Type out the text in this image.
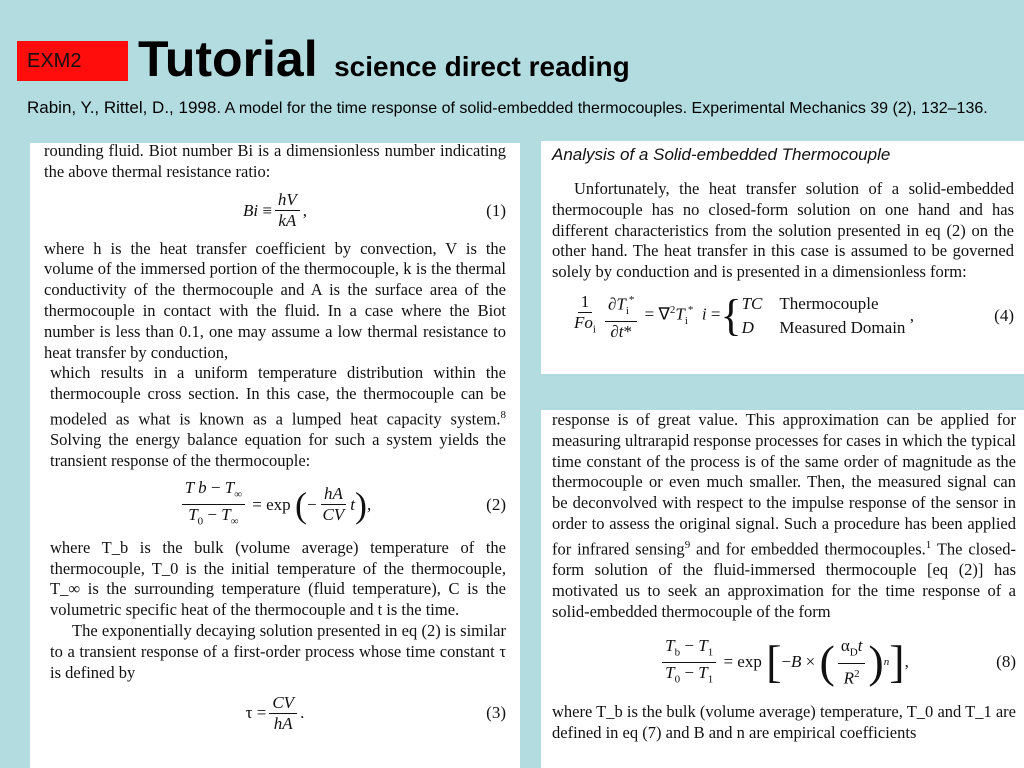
EXM2	Tutorial science direct reading
Rabin, Y., Rittel, D., 1998. A model for the time response of solid-embedded thermocouples. Experimental Mechanics 39 (2), 132–136.

rounding fluid. Biot number Bi is a dimensionless number indicating the above thermal resistance ratio:

$Bi \equiv \frac{hV}{kA}$ ,	(1)

where h is the heat transfer coefficient by convection, V is the volume of the immersed portion of the thermocouple, k is the thermal conductivity of the thermocouple and A is the surface area of the thermocouple in contact with the fluid. In a case where the Biot number is less than 0.1, one may assume a low thermal resistance to heat transfer by conduction,

which results in a uniform temperature distribution within the thermocouple cross section. In this case, the thermocouple can be modeled as what is known as a lumped heat capacity system.$^8$ Solving the energy balance equation for such a system yields the transient response of the thermocouple:

$\frac{T b - T_\infty}{T_0 - T_\infty} = \exp$ ( − $\frac{hA}{CV}$ t ) ,	(2)

where T_b is the bulk (volume average) temperature of the thermocouple, T_0 is the initial temperature of the thermocouple, T_∞ is the surrounding temperature (fluid temperature), C is the volumetric specific heat of the thermocouple and t is the time.

The exponentially decaying solution presented in eq (2) is similar to a transient response of a first-order process whose time constant τ is defined by

$\tau = \frac{CV}{hA}$ .	(3)
Analysis of a Solid-embedded Thermocouple

Unfortunately, the heat transfer solution of a solid-embedded thermocouple has no closed-form solution on one hand and has different characteristics from the solution presented in eq (2) on the other hand. The heat transfer in this case is assumed to be governed solely by conduction and is presented in a dimensionless form:

$\frac{1}{Fo_i} \frac{\partial T_i^*}{\partial t*} = \nabla^2T_i^*$ i = { TC Thermocouple
D Measured Domain
,	(4)

response is of great value. This approximation can be applied for measuring ultrarapid response processes for cases in which the typical time constant of the process is of the same order of magnitude as the thermocouple or even much smaller. Then, the measured signal can be deconvolved with respect to the impulse response of the sensor in order to assess the original signal. Such a procedure has been applied for infrared sensing$^9$ and for embedded thermocouples.$^1$ The closed-form solution of the fluid-immersed thermocouple [eq (2)] has motivated us to seek an approximation for the time response of a solid-embedded thermocouple of the form

$\frac{T_b - T_1}{T_0 - T_1} = \exp$ [ −B × ( $\frac{\alpha_Dt}{R^2}$ ) n ] ,	(8)

where T_b is the bulk (volume average) temperature, T_0 and T_1 are defined in eq (7) and B and n are empirical coefficients
